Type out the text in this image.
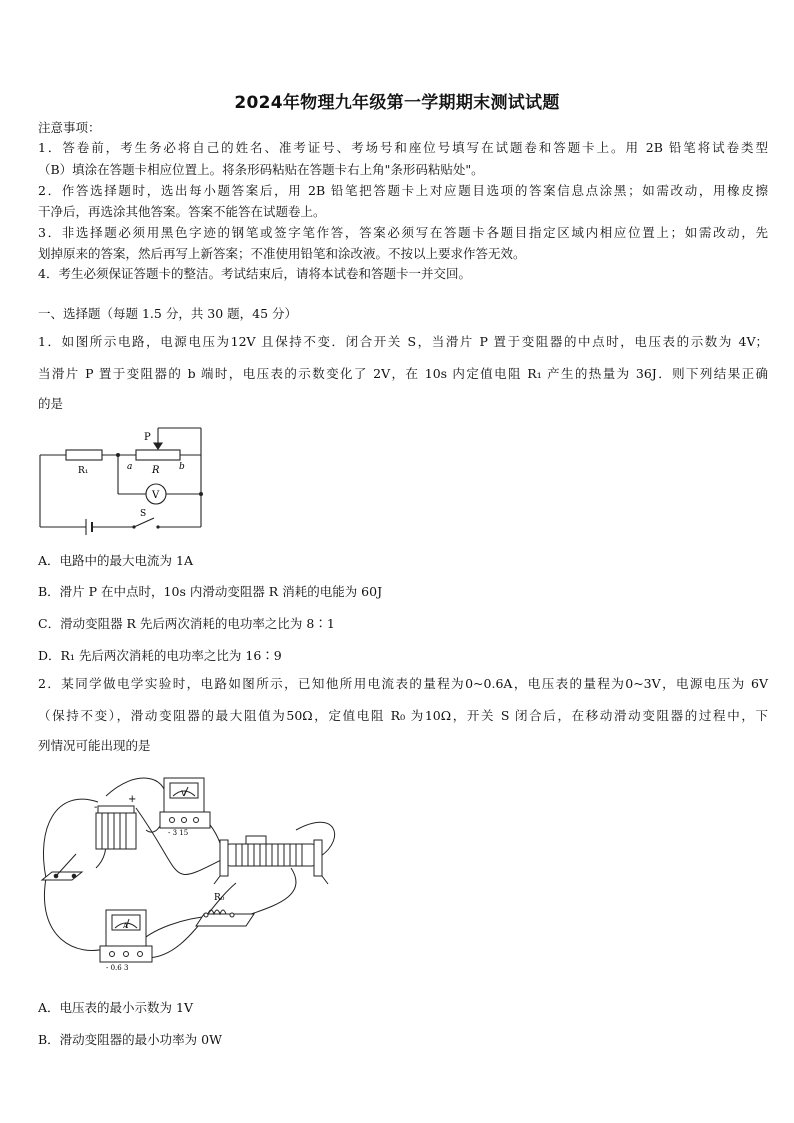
2024年物理九年级第一学期期末测试试题
注意事项：
1．答卷前，考生务必将自己的姓名、准考证号、考场号和座位号填写在试题卷和答题卡上。用 2B 铅笔将试卷类型
（B）填涂在答题卡相应位置上。将条形码粘贴在答题卡右上角"条形码粘贴处"。
2．作答选择题时，选出每小题答案后，用 2B 铅笔把答题卡上对应题目选项的答案信息点涂黑；如需改动，用橡皮擦
干净后，再选涂其他答案。答案不能答在试题卷上。
3．非选择题必须用黑色字迹的钢笔或签字笔作答，答案必须写在答题卡各题目指定区域内相应位置上；如需改动，先
划掉原来的答案，然后再写上新答案；不准使用铅笔和涂改液。不按以上要求作答无效。
4．考生必须保证答题卡的整洁。考试结束后，请将本试卷和答题卡一并交回。
一、选择题（每题 1.5 分，共 30 题，45 分）
1．如图所示电路，电源电压为12V 且保持不变．闭合开关 S，当滑片 P 置于变阻器的中点时，电压表的示数为 4V；
当滑片 P 置于变阻器的 b 端时，电压表的示数变化了 2V，在 10s 内定值电阻 R₁ 产生的热量为 36J．则下列结果正确
的是
P
R₁	a R b
V
S
A．电路中的最大电流为 1A
B．滑片 P 在中点时，10s 内滑动变阻器 R 消耗的电能为 60J
C．滑动变阻器 R 先后两次消耗的电功率之比为 8∶1
D．R₁ 先后两次消耗的电功率之比为 16∶9
2．某同学做电学实验时，电路如图所示，已知他所用电流表的量程为0~0.6A，电压表的量程为0~3V，电源电压为 6V
（保持不变），滑动变阻器的最大阻值为50Ω，定值电阻 R₀ 为10Ω，开关 S 闭合后，在移动滑动变阻器的过程中，下
列情况可能出现的是
-
+	V
- 3 15
R₀
A
- 0.6 3
A．电压表的最小示数为 1V
B．滑动变阻器的最小功率为 0W
